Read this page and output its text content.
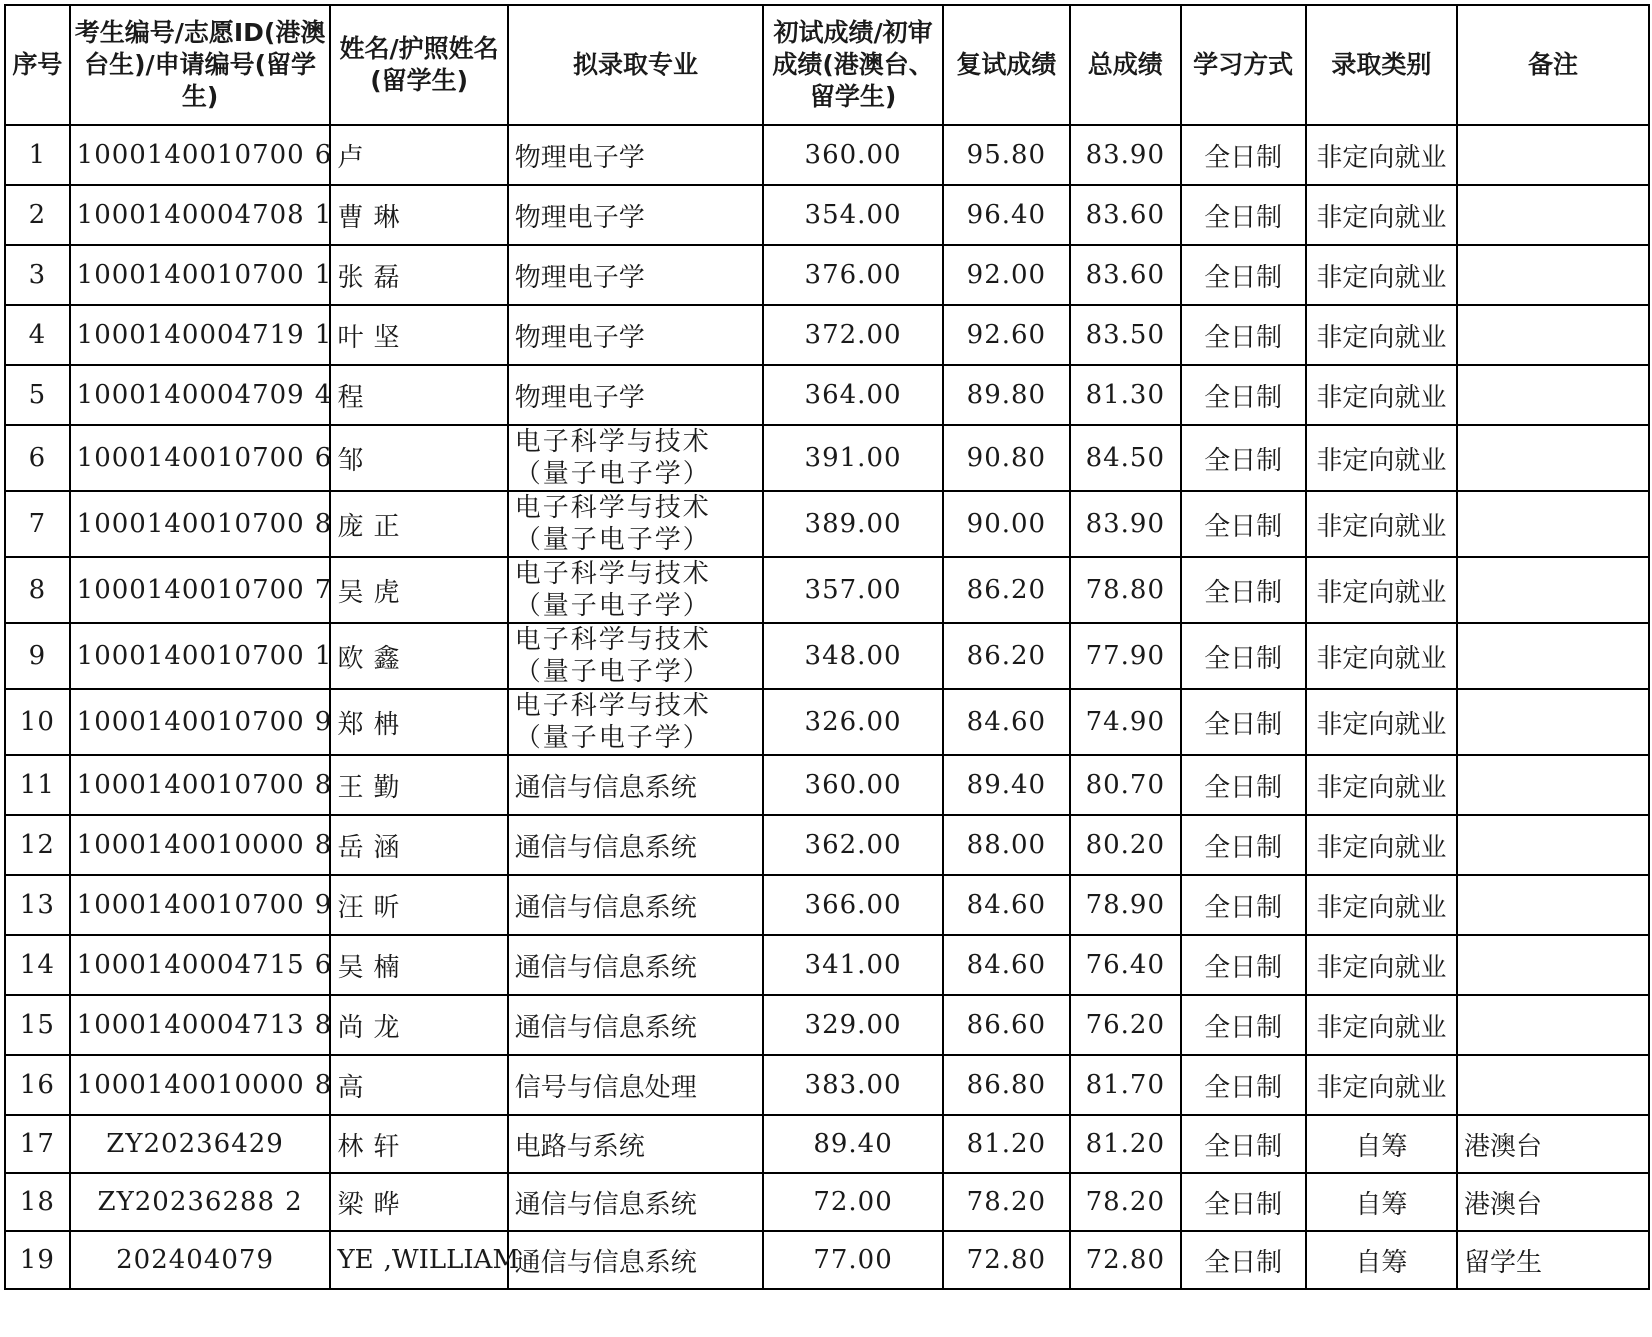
序号	考生编号/志愿ID(港澳台生)/申请编号(留学生)	姓名/护照姓名(留学生)	拟录取专业	初试成绩/初审成绩(港澳台、留学生)	复试成绩	总成绩	学习方式	录取类别	备注
1	1000140010700 6	卢	物理电子学	360.00	95.80	83.90	全日制	非定向就业	
2	1000140004708 1	曹 琳	物理电子学	354.00	96.40	83.60	全日制	非定向就业	
3	1000140010700 1	张 磊	物理电子学	376.00	92.00	83.60	全日制	非定向就业	
4	1000140004719 1	叶 坚	物理电子学	372.00	92.60	83.50	全日制	非定向就业	
5	1000140004709 4	程	物理电子学	364.00	89.80	81.30	全日制	非定向就业	
6	1000140010700 6	邹	电子科学与技术（量子电子学）	391.00	90.80	84.50	全日制	非定向就业	
7	1000140010700 8	庞 正	电子科学与技术（量子电子学）	389.00	90.00	83.90	全日制	非定向就业	
8	1000140010700 7	吴 虎	电子科学与技术（量子电子学）	357.00	86.20	78.80	全日制	非定向就业	
9	1000140010700 1	欧 鑫	电子科学与技术（量子电子学）	348.00	86.20	77.90	全日制	非定向就业	
10	1000140010700 9	郑 柟	电子科学与技术（量子电子学）	326.00	84.60	74.90	全日制	非定向就业	
11	1000140010700 8	王 勤	通信与信息系统	360.00	89.40	80.70	全日制	非定向就业	
12	1000140010000 8	岳 涵	通信与信息系统	362.00	88.00	80.20	全日制	非定向就业	
13	1000140010700 9	汪 昕	通信与信息系统	366.00	84.60	78.90	全日制	非定向就业	
14	1000140004715 6	吴 楠	通信与信息系统	341.00	84.60	76.40	全日制	非定向就业	
15	1000140004713 8	尚 龙	通信与信息系统	329.00	86.60	76.20	全日制	非定向就业	
16	1000140010000 8	高	信号与信息处理	383.00	86.80	81.70	全日制	非定向就业	
17	ZY20236429	林 轩	电路与系统	89.40	81.20	81.20	全日制	自筹	港澳台
18	ZY20236288 2	梁 晔	通信与信息系统	72.00	78.20	78.20	全日制	自筹	港澳台
19	202404079	YE ,WILLIAM	通信与信息系统	77.00	72.80	72.80	全日制	自筹	留学生
